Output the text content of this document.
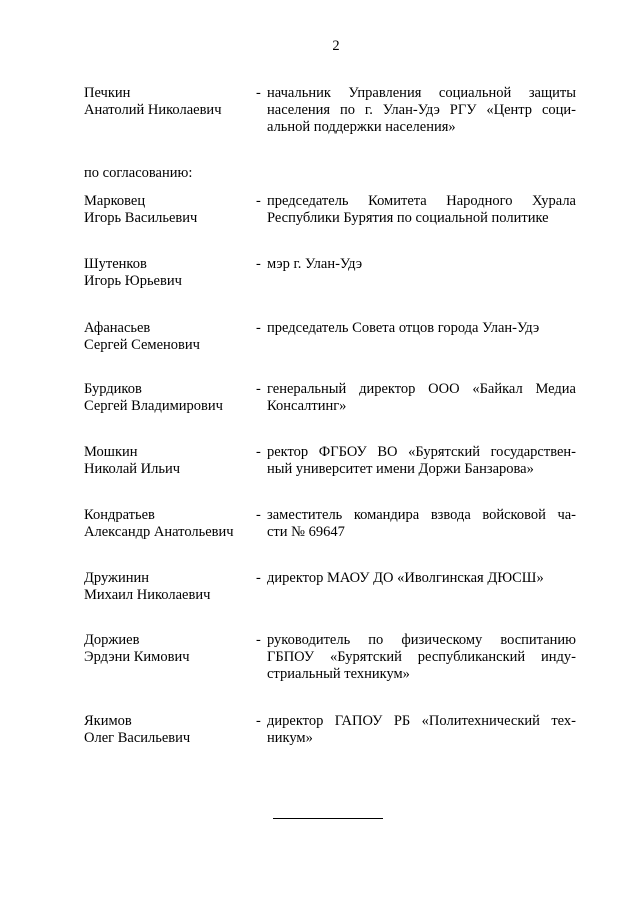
2
Печкин
Анатолий Николаевич
- начальник Управления социальной защиты
населения по г. Улан-Удэ РГУ «Центр соци-
альной поддержки населения»
по согласованию:
Марковец
Игорь Васильевич
- председатель Комитета Народного Хурала
Республики Бурятия по социальной политике
Шутенков
Игорь Юрьевич
- мэр г. Улан-Удэ
Афанасьев
Сергей Семенович
- председатель Совета отцов города Улан-Удэ
Бурдиков
Сергей Владимирович
- генеральный директор ООО «Байкал Медиа
Консалтинг»
Мошкин
Николай Ильич
- ректор ФГБОУ ВО «Бурятский государствен-
ный университет имени Доржи Банзарова»
Кондратьев
Александр Анатольевич
- заместитель командира взвода войсковой ча-
сти № 69647
Дружинин
Михаил Николаевич
- директор МАОУ ДО «Иволгинская ДЮСШ»
Доржиев
Эрдэни Кимович
- руководитель по физическому воспитанию
ГБПОУ «Бурятский республиканский инду-
стриальный техникум»
Якимов
Олег Васильевич
- директор ГАПОУ РБ «Политехнический тех-
никум»
